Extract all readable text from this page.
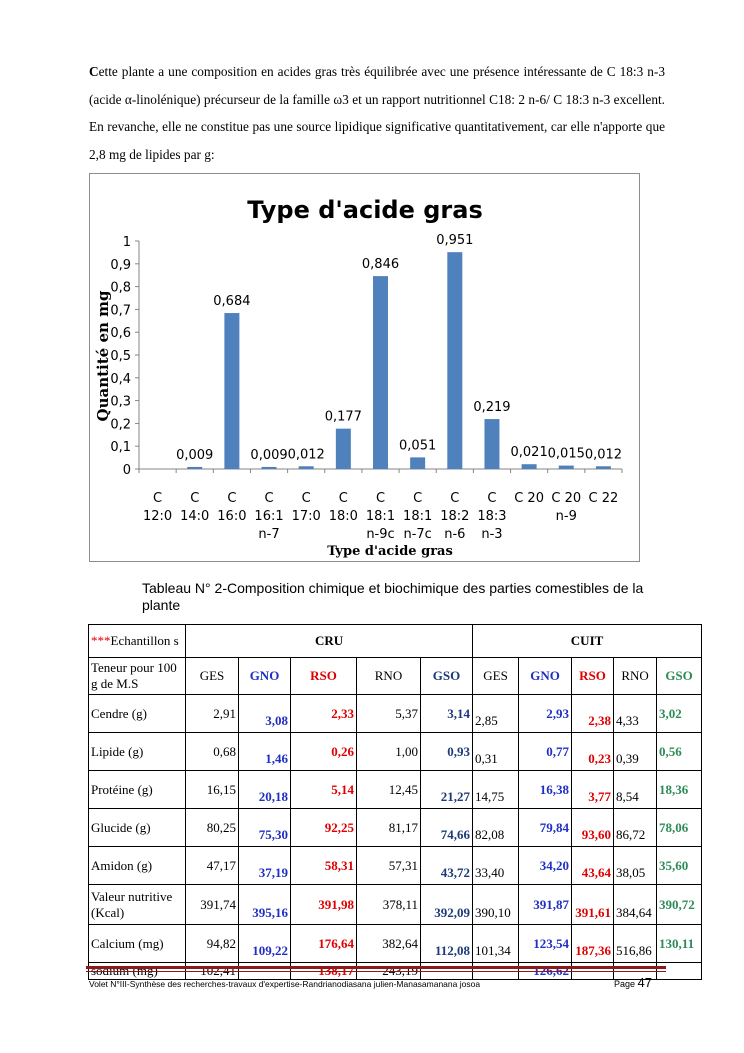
Cette plante a une composition en acides gras très équilibrée avec une présence intéressante de C 18:3 n-3 (acide α-linolénique) précurseur de la famille ω3 et un rapport nutritionnel C18: 2 n-6/ C 18:3 n-3 excellent. En revanche, elle ne constitue pas une source lipidique significative quantitativement, car elle n'apporte que 2,8 mg de lipides par g:

Type d'acide gras
0
0,1
0,2
0,3
0,4
0,5
0,6
0,7
0,8
0,9
1
Quantité en mg
C
12:0
0,009
C
14:0
0,684
C
16:0
0,009
C
16:1
n-7
0,012
C
17:0
0,177
C
18:0
0,846
C
18:1
n-9c
0,051
C
18:1
n-7c
0,951
C
18:2
n-6
0,219
C
18:3
n-3
0,021
C 20
0,015
C 20
n-9
0,012
C 22
Type d'acide gras

Tableau N° 2-Composition chimique et biochimique des parties comestibles de la plante

***Echantillon s	CRU					CUIT				
Teneur pour 100 g de M.S	GES	GNO	RSO	RNO	GSO	GES	GNO	RSO	RNO	GSO
Cendre (g)	2,91	3,08	2,33	5,37	3,14	2,85	2,93	2,38	4,33	3,02
Lipide (g)	0,68	1,46	0,26	1,00	0,93	0,31	0,77	0,23	0,39	0,56
Protéine (g)	16,15	20,18	5,14	12,45	21,27	14,75	16,38	3,77	8,54	18,36
Glucide (g)	80,25	75,30	92,25	81,17	74,66	82,08	79,84	93,60	86,72	78,06
Amidon (g)	47,17	37,19	58,31	57,31	43,72	33,40	34,20	43,64	38,05	35,60
Valeur nutritive (Kcal)	391,74	395,16	391,98	378,11	392,09	390,10	391,87	391,61	384,64	390,72
Calcium (mg)	94,82	109,22	176,64	382,64	112,08	101,34	123,54	187,36	516,86	130,11

Volet N°III-Synthèse des recherches-travaux d'expertise-Randrianodiasana julien-Manasamanana josoa	Page 47
